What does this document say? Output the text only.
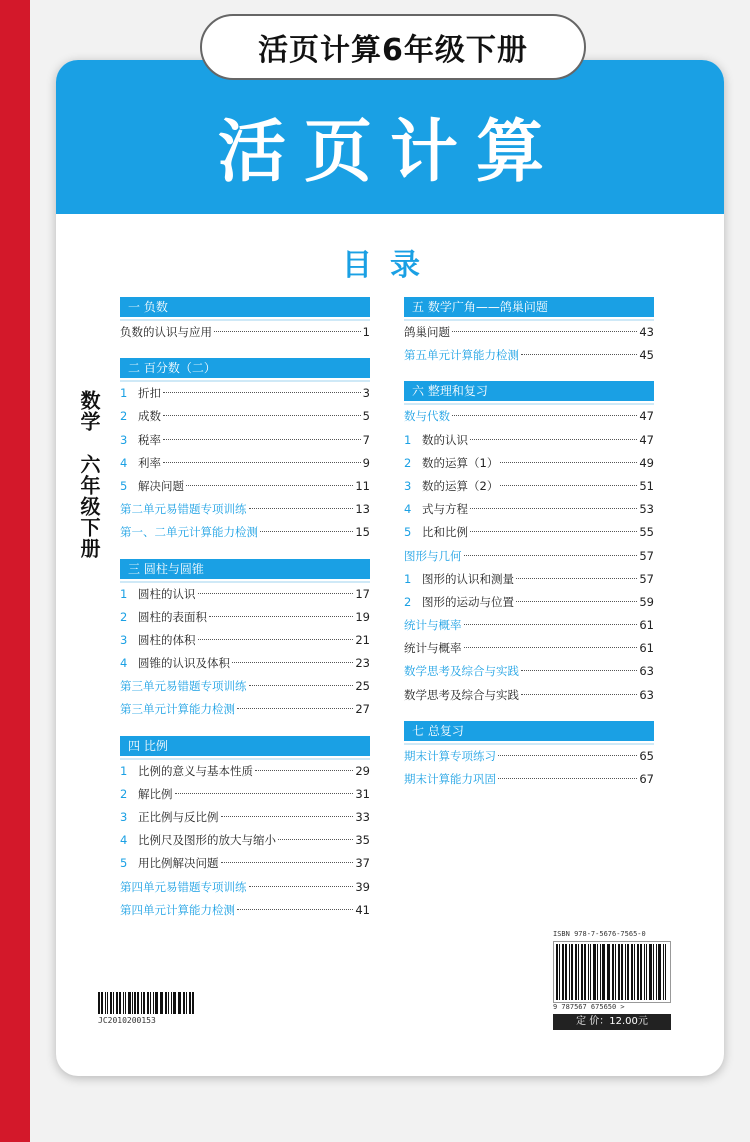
活页计算6年级下册
活页计算
目录
数学六年级下册
一 负数
负数的认识与应用	1
二 百分数（二）
1 折扣	3
2 成数	5
3 税率	7
4 利率	9
5 解决问题	11
第二单元易错题专项训练	13
第一、二单元计算能力检测	15
三 圆柱与圆锥
1 圆柱的认识	17
2 圆柱的表面积	19
3 圆柱的体积	21
4 圆锥的认识及体积	23
第三单元易错题专项训练	25
第三单元计算能力检测	27
四 比例
1 比例的意义与基本性质	29
2 解比例	31
3 正比例与反比例	33
4 比例尺及图形的放大与缩小	35
5 用比例解决问题	37
第四单元易错题专项训练	39
第四单元计算能力检测	41
五 数学广角——鸽巢问题
鸽巢问题	43
第五单元计算能力检测	45
六 整理和复习
数与代数	47
1 数的认识	47
2 数的运算（1）	49
3 数的运算（2）	51
4 式与方程	53
5 比和比例	55
图形与几何	57
1 图形的认识和测量	57
2 图形的运动与位置	59
统计与概率	61
统计与概率	61
数学思考及综合与实践	63
数学思考及综合与实践	63
七 总复习
期末计算专项练习	65
期末计算能力巩固	67
ISBN 978-7-5676-7565-0
9 787567 675650 >
定 价：12.00元
JC2010200153
